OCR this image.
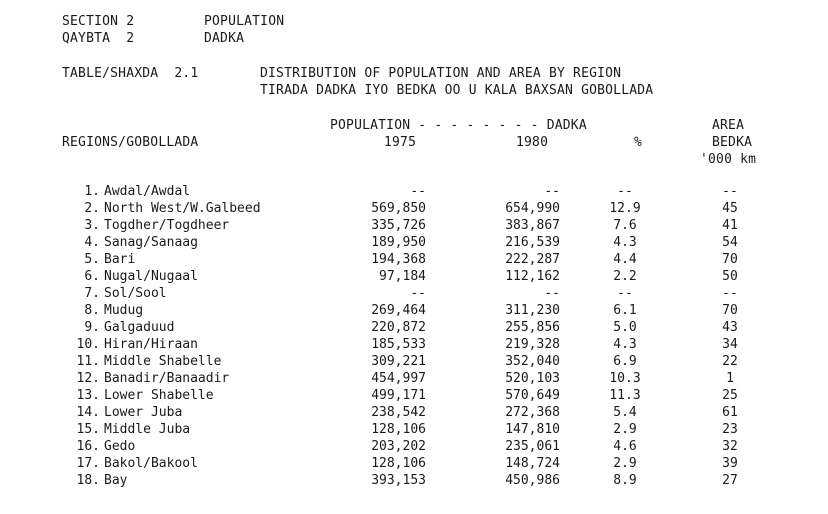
SECTION 2	POPULATION
QAYBTA  2	DADKA
TABLE/SHAXDA  2.1	DISTRIBUTION OF POPULATION AND AREA BY REGION
TIRADA DADKA IYO BEDKA OO U KALA BAXSAN GOBOLLADA
POPULATION - - - - - - - - DADKA	AREA
REGIONS/GOBOLLADA	1975	1980	%	BEDKA
'000 km
1. Awdal/Awdal	--	--	--	--
2. North West/W.Galbeed	569,850	654,990	12.9	45
3. Togdher/Togdheer	335,726	383,867	7.6	41
4. Sanag/Sanaag	189,950	216,539	4.3	54
5. Bari	194,368	222,287	4.4	70
6. Nugal/Nugaal	97,184	112,162	2.2	50
7. Sol/Sool	--	--	--	--
8. Mudug	269,464	311,230	6.1	70
9. Galgaduud	220,872	255,856	5.0	43
10. Hiran/Hiraan	185,533	219,328	4.3	34
11. Middle Shabelle	309,221	352,040	6.9	22
12. Banadir/Banaadir	454,997	520,103	10.3	1
13. Lower Shabelle	499,171	570,649	11.3	25
14. Lower Juba	238,542	272,368	5.4	61
15. Middle Juba	128,106	147,810	2.9	23
16. Gedo	203,202	235,061	4.6	32
17. Bakol/Bakool	128,106	148,724	2.9	39
18. Bay	393,153	450,986	8.9	27
